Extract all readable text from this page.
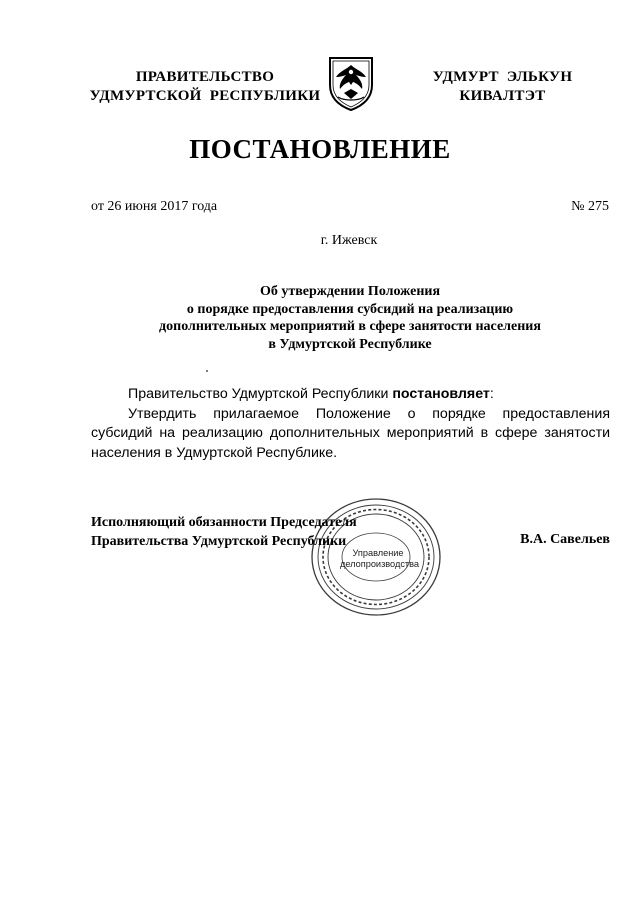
ПРАВИТЕЛЬСТВО
УДМУРТСКОЙ  РЕСПУБЛИКИ
УДМУРТ  ЭЛЬКУН
КИВАЛТЭТ
ПОСТАНОВЛЕНИЕ
от 26 июня 2017 года	№ 275
г. Ижевск
Об утверждении Положения
о порядке предоставления субсидий на реализацию
дополнительных мероприятий в сфере занятости населения
в Удмуртской Республике

Правительство Удмуртской Республики постановляет:

Утвердить прилагаемое Положение о порядке предоставления субсидий на реализацию дополнительных мероприятий в сфере занятости населения в Удмуртской Республике.

Управление
делопроизводства
Исполняющий обязанности Председателя
Правительства Удмуртской Республики	В.А. Савельев
